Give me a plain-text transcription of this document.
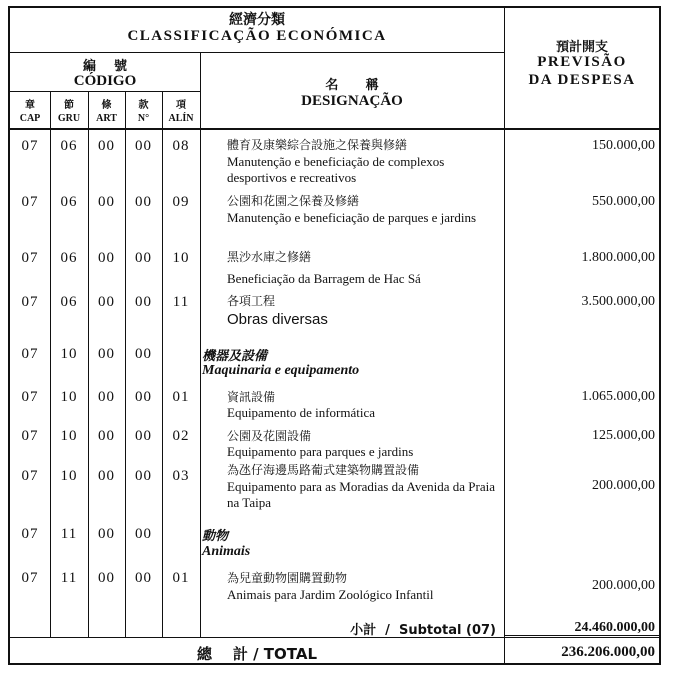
經濟分類
CLASSIFICAÇÃO ECONÓMICA
編    號
CÓDIGO
章
CAP
節
GRU
條
ART
款
N°
項
ALÍN
名      稱
DESIGNAÇÃO
預計開支
PREVISÃO
DA DESPESA
07	06	00	00	08	體育及康樂綜合設施之保養與修繕
Manutenção e beneficiação de complexos desportivos e recreativos
150.000,00
07	06	00	00	09	公園和花園之保養及修繕
Manutenção e beneficiação de parques e jardins
550.000,00
07	06	00	00	10	黑沙水庫之修繕
Beneficiação da Barragem de Hac Sá
1.800.000,00
07	06	00	00	11	各項工程
Obras diversas
3.500.000,00
07	10	00	00	機器及設備
Maquinaria e equipamento
07	10	00	00	01	資訊設備
Equipamento de informática
1.065.000,00
07	10	00	00	02	公園及花園設備
Equipamento para parques e jardins
125.000,00
07	10	00	00	03	為氹仔海邊馬路葡式建築物購置設備
Equipamento para as Moradias da Avenida da Praia na Taipa
200.000,00
07	11	00	00	動物
Animais
07	11	00	00	01	為兒童動物園購置動物
Animais para Jardim Zoológico Infantil
200.000,00
小計  /  Subtotal (07)	24.460.000,00
總    計 / TOTAL	236.206.000,00
